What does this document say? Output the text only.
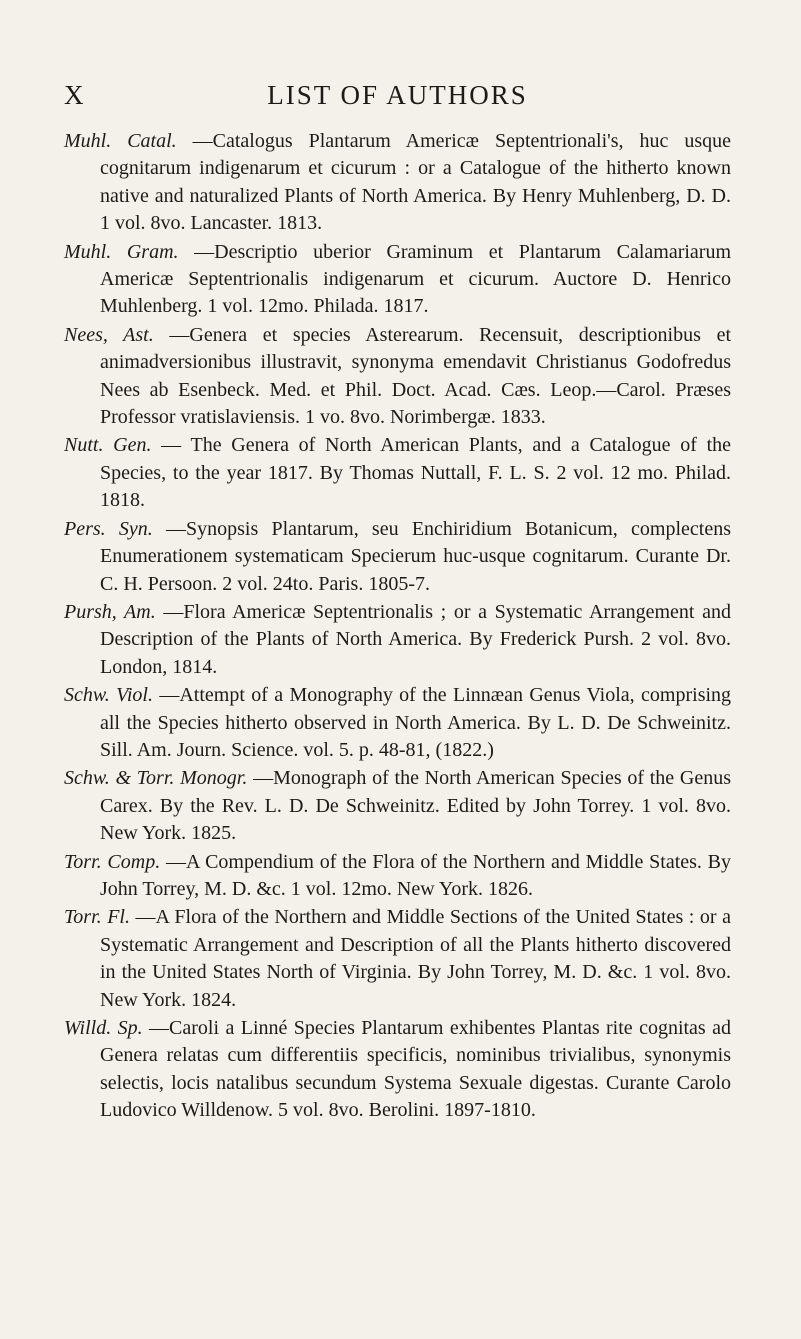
X	LIST OF AUTHORS

Muhl. Catal. —Catalogus Plantarum Americæ Septentrionali's, huc usque cognitarum indigenarum et cicurum : or a Catalogue of the hitherto known native and naturalized Plants of North America. By Henry Muhlenberg, D. D. 1 vol. 8vo. Lancaster. 1813.

Muhl. Gram. —Descriptio uberior Graminum et Plantarum Calamariarum Americæ Septentrionalis indigenarum et cicurum. Auctore D. Henrico Muhlenberg. 1 vol. 12mo. Philada. 1817.

Nees, Ast. —Genera et species Asterearum. Recensuit, descriptionibus et animadversionibus illustravit, synonyma emendavit Christianus Godofredus Nees ab Esenbeck. Med. et Phil. Doct. Acad. Cæs. Leop.—Carol. Præses Professor vratislaviensis. 1 vo. 8vo. Norimbergæ. 1833.

Nutt. Gen. — The Genera of North American Plants, and a Catalogue of the Species, to the year 1817. By Thomas Nuttall, F. L. S. 2 vol. 12 mo. Philad. 1818.

Pers. Syn. —Synopsis Plantarum, seu Enchiridium Botanicum, complectens Enumerationem systematicam Specierum huc-usque cognitarum. Curante Dr. C. H. Persoon. 2 vol. 24to. Paris. 1805-7.

Pursh, Am. —Flora Americæ Septentrionalis ; or a Systematic Arrangement and Description of the Plants of North America. By Frederick Pursh. 2 vol. 8vo. London, 1814.

Schw. Viol. —Attempt of a Monography of the Linnæan Genus Viola, comprising all the Species hitherto observed in North America. By L. D. De Schweinitz. Sill. Am. Journ. Science. vol. 5. p. 48-81, (1822.)

Schw. & Torr. Monogr. —Monograph of the North American Species of the Genus Carex. By the Rev. L. D. De Schweinitz. Edited by John Torrey. 1 vol. 8vo. New York. 1825.

Torr. Comp. —A Compendium of the Flora of the Northern and Middle States. By John Torrey, M. D. &c. 1 vol. 12mo. New York. 1826.

Torr. Fl. —A Flora of the Northern and Middle Sections of the United States : or a Systematic Arrangement and Description of all the Plants hitherto discovered in the United States North of Virginia. By John Torrey, M. D. &c. 1 vol. 8vo. New York. 1824.

Willd. Sp. —Caroli a Linné Species Plantarum exhibentes Plantas rite cognitas ad Genera relatas cum differentiis specificis, nominibus trivialibus, synonymis selectis, locis natalibus secundum Systema Sexuale digestas. Curante Carolo Ludovico Willdenow. 5 vol. 8vo. Berolini. 1897-1810.
